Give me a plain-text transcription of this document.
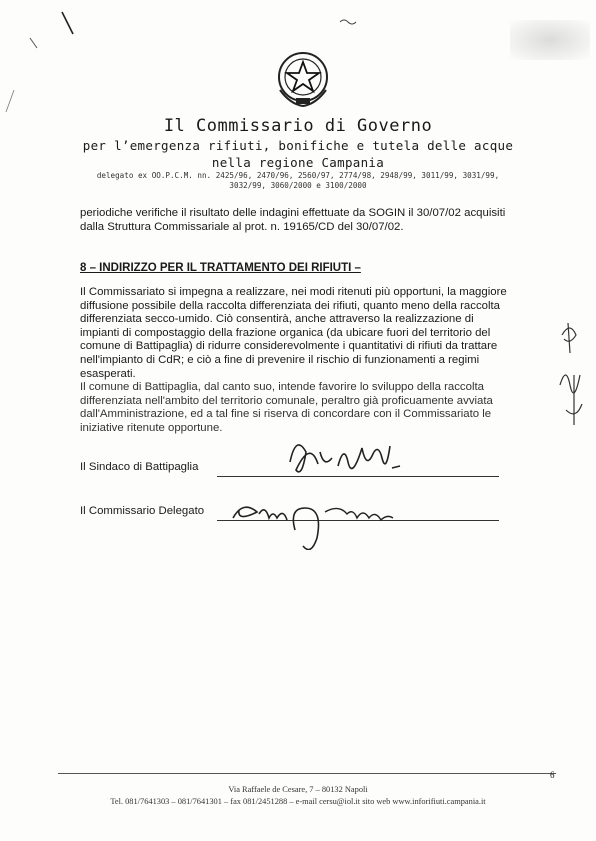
Il Commissario di Governo
per l’emergenza rifiuti, bonifiche e tutela delle acque
nella regione Campania
delegato ex OO.P.C.M. nn. 2425/96, 2470/96, 2560/97, 2774/98, 2948/99, 3011/99, 3031/99,
3032/99, 3060/2000 e 3100/2000
periodiche verifiche il risultato delle indagini effettuate da SOGIN il 30/07/02 acquisiti
dalla Struttura Commissariale al prot. n. 19165/CD del 30/07/02.
8 – INDIRIZZO PER IL TRATTAMENTO DEI RIFIUTI –
Il Commissariato si impegna a realizzare, nei modi ritenuti più opportuni, la maggiore
diffusione possibile della raccolta differenziata dei rifiuti, quanto meno della raccolta
differenziata secco-umido. Ciò consentirà, anche attraverso la realizzazione di
impianti di compostaggio della frazione organica (da ubicare fuori del territorio del
comune di Battipaglia) di ridurre considerevolmente i quantitativi di rifiuti da trattare
nell'impianto di CdR; e ciò a fine di prevenire il rischio di funzionamenti a regimi
esasperati.
Il comune di Battipaglia, dal canto suo, intende favorire lo sviluppo della raccolta
differenziata nell'ambito del territorio comunale, peraltro già proficuamente avviata
dall'Amministrazione, ed a tal fine si riserva di concordare con il Commissariato le
iniziative ritenute opportune.
Il Sindaco di Battipaglia
Il Commissario Delegato
6
Via Raffaele de Cesare, 7 – 80132 Napoli
Tel. 081/7641303 – 081/7641301 – fax 081/2451288 – e-mail cersu@iol.it sito web www.inforifiuti.campania.it
